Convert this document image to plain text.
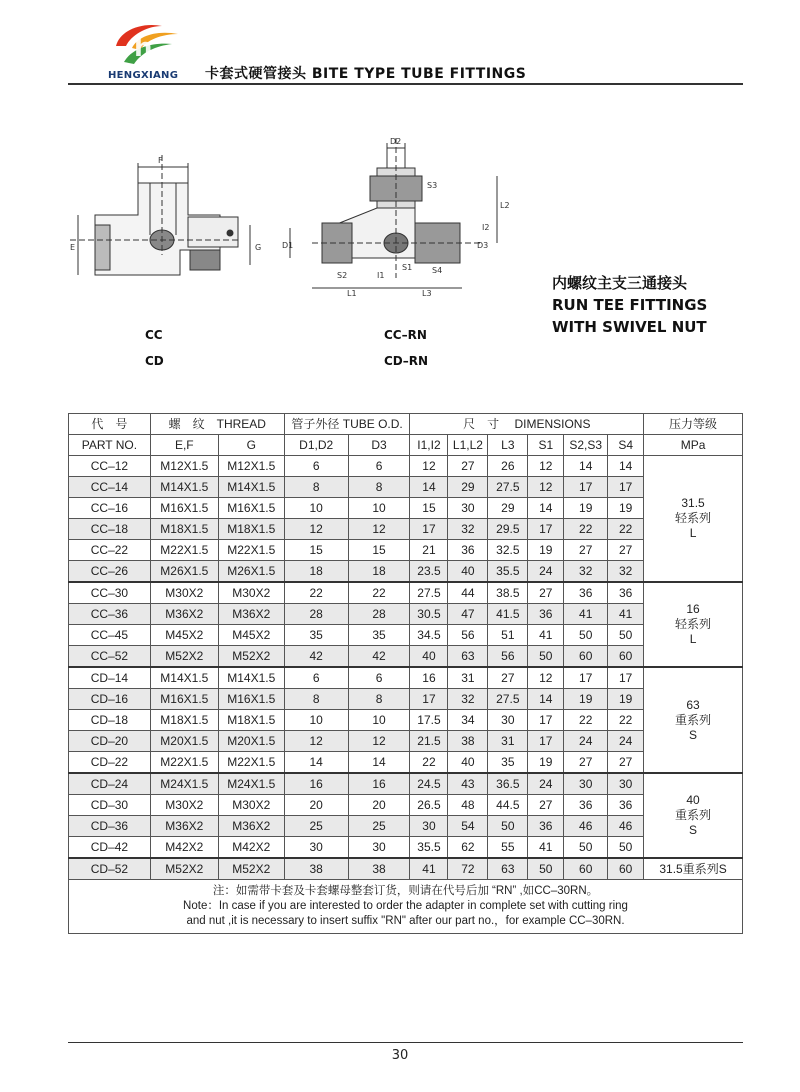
h
HENGXIANG 卡套式硬管接头 BITE TYPE TUBE FITTINGS
F
E	G
D2
S3
L2
I2
D1	D3
S4
S2	I1
S1
L1	L3
CC
CD
CC–RN
CD–RN
内螺纹主支三通接头
RUN TEE FITTINGS
WITH SWIVEL NUT
代　号	螺　纹　THREAD		管子外径 TUBE O.D.		尺　寸　 DIMENSIONS						压力等级
PART NO.	E,F	G	D1,D2	D3	I1,I2	L1,L2	L3	S1	S2,S3	S4	MPa
CC–12	M12X1.5	M12X1.5	6	6	12	27	26	12	14	14	31.5
轻系列
L

CC–14	M14X1.5	M14X1.5	8	8	14	29	27.5	12	17	17	
CC–16	M16X1.5	M16X1.5	10	10	15	30	29	14	19	19	
CC–18	M18X1.5	M18X1.5	12	12	17	32	29.5	17	22	22	
CC–22	M22X1.5	M22X1.5	15	15	21	36	32.5	19	27	27	
CC–26	M26X1.5	M26X1.5	18	18	23.5	40	35.5	24	32	32	
CC–30	M30X2	M30X2	22	22	27.5	44	38.5	27	36	36	16
轻系列
L

CC–36	M36X2	M36X2	28	28	30.5	47	41.5	36	41	41	
CC–45	M45X2	M45X2	35	35	34.5	56	51	41	50	50	
CC–52	M52X2	M52X2	42	42	40	63	56	50	60	60	
CD–14	M14X1.5	M14X1.5	6	6	16	31	27	12	17	17	63
重系列
S

CD–16	M16X1.5	M16X1.5	8	8	17	32	27.5	14	19	19	
CD–18	M18X1.5	M18X1.5	10	10	17.5	34	30	17	22	22	
CD–20	M20X1.5	M20X1.5	12	12	21.5	38	31	17	24	24	
CD–22	M22X1.5	M22X1.5	14	14	22	40	35	19	27	27	
CD–24	M24X1.5	M24X1.5	16	16	24.5	43	36.5	24	30	30	40
重系列
S

CD–30	M30X2	M30X2	20	20	26.5	48	44.5	27	36	36	
CD–36	M36X2	M36X2	25	25	30	54	50	36	46	46	
CD–42	M42X2	M42X2	30	30	35.5	62	55	41	50	50	
CD–52	M52X2	M52X2	38	38	41	72	63	50	60	60	31.5重系列S

注：如需带卡套及卡套螺母整套订货，则请在代号后加 “RN” ,如CC–30RN。
Note：In case if you are interested to order the adapter in complete set with cutting ring
and nut ,it is necessary to insert suffix "RN" after our part no.，for example CC–30RN.											
30
